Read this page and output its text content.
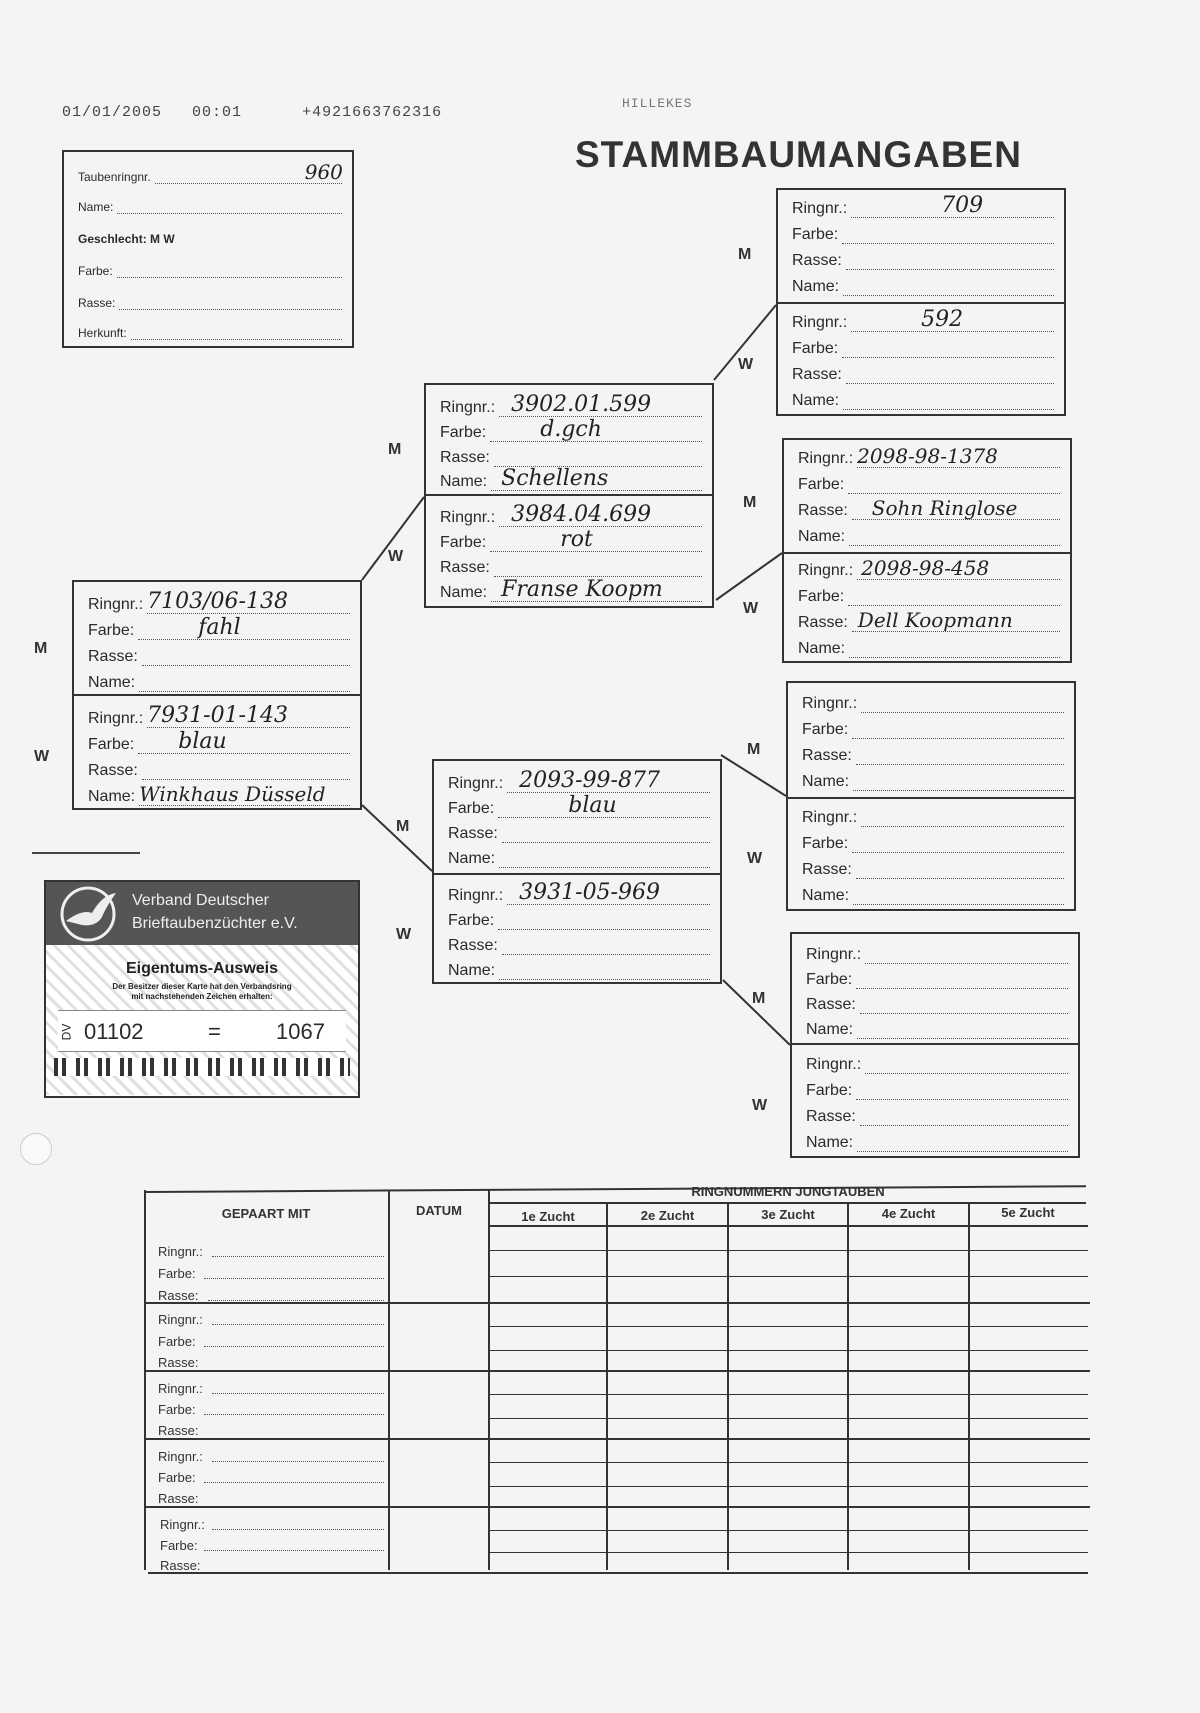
01/01/2005 00:01	+4921663762316
HILLEKES
STAMMBAUMANGABEN
Taubenringnr.	960
Name:
Geschlecht: M W
Farbe:
Rasse:
Herkunft:
M
W
M
W
M
W
M
W
M
W
M
W
M
W
Ringnr.: 7103/06-138
Farbe:	fahl
Rasse:
Name:
Ringnr.: 7931-01-143
Farbe: blau
Rasse:
Name: Winkhaus Düsseld
Ringnr.: 3902.01.599
Farbe: d.gch
Rasse:
Name: Schellens
Ringnr.: 3984.04.699
Farbe:	rot
Rasse:
Name: Franse Koopm
Ringnr.: 2093-99-877
Farbe:	blau
Rasse:
Name:
Ringnr.: 3931-05-969
Farbe:
Rasse:
Name:
Ringnr.:	709
Farbe:
Rasse:
Name:
Ringnr.:	592
Farbe:
Rasse:
Name:
Ringnr.: 2098-98-1378
Farbe:
Rasse: Sohn Ringlose
Name:
Ringnr.: 2098-98-458
Farbe:
Rasse: Dell Koopmann
Name:
Ringnr.:
Farbe:
Rasse:
Name:
Ringnr.:
Farbe:
Rasse:
Name:
Ringnr.:
Farbe:
Rasse:
Name:
Ringnr.:
Farbe:
Rasse:
Name:
Verband Deutscher
Brieftaubenzüchter e.V.
Eigentums-Ausweis
Der Besitzer dieser Karte hat den Verbandsring
mit nachstehenden Zeichen erhalten:
DV 01102	=	1067
GEPAART MIT	DATUM
RINGNUMMERN JUNGTAUBEN
1e Zucht	2e Zucht	3e Zucht	4e Zucht	5e Zucht
Ringnr.:
Farbe:
Rasse:
Ringnr.:
Farbe:
Rasse:
Ringnr.:
Farbe:
Rasse:
Ringnr.:
Farbe:
Rasse:
Ringnr.:
Farbe:
Rasse:
